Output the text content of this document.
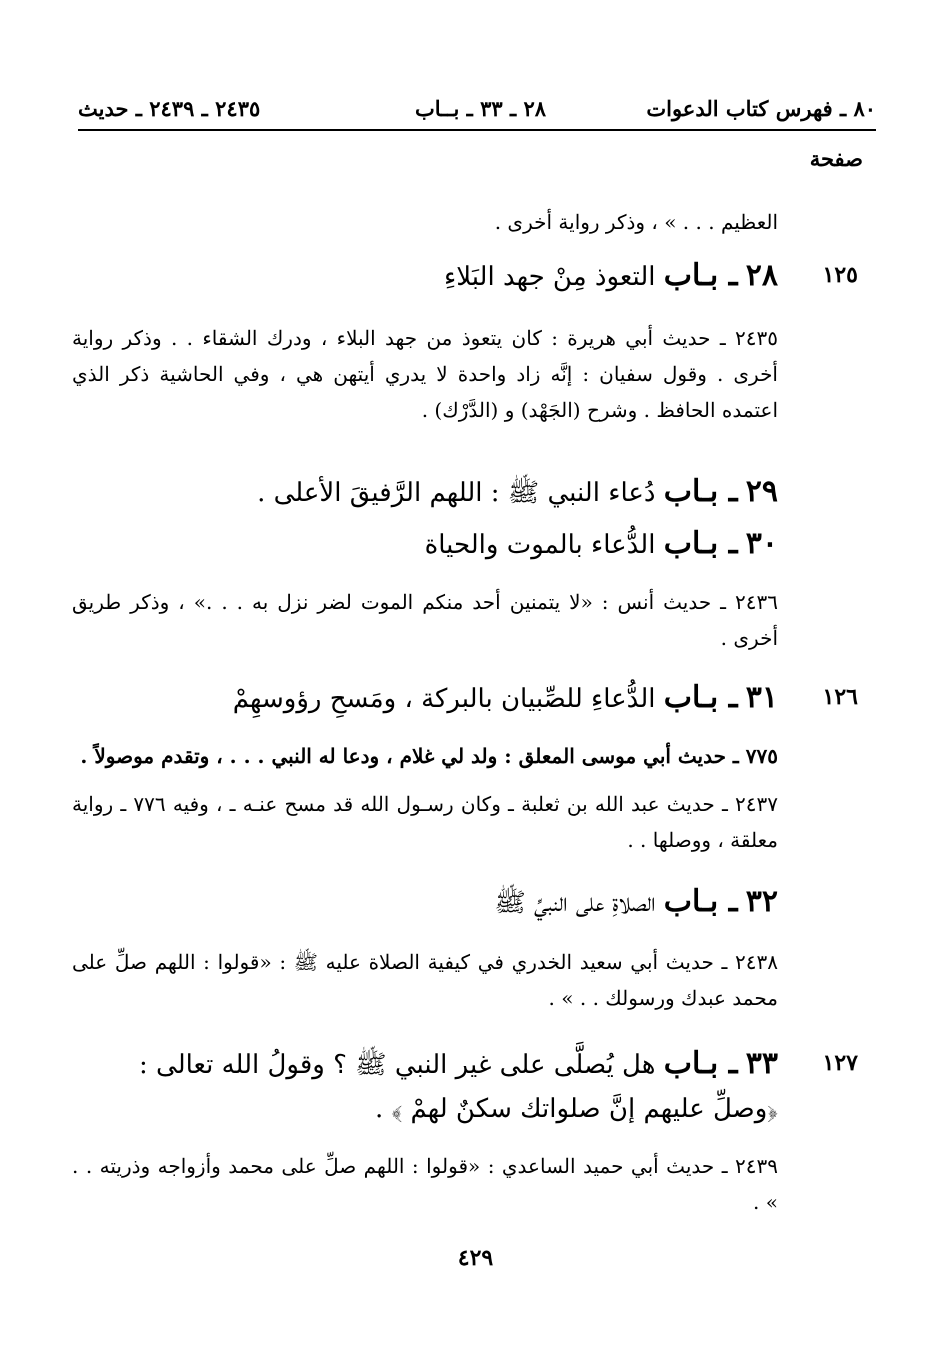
٨٠ ـ فهرس كتاب الدعوات
٢٨ ـ ٣٣ ـ بــاب
٢٤٣٥ ـ ٢٤٣٩ ـ حديث
صفحة
العظيم . . . » ، وذكر رواية أخرى .
١٢٥
٢٨ ـ بـاب التعوذ مِنْ جهد البَلاءِ
٢٤٣٥ ـ حديث أبي هريرة : كان يتعوذ من جهد البلاء ، ودرك الشقاء . . وذكر رواية أخرى . وقول سفيان : إنَّه زاد واحدة لا يدري أيتهن هي ، وفي الحاشية ذكر الذي اعتمده الحافظ . وشرح (الجَهْد) و (الدَّرْك) .
٢٩ ـ بـاب دُعاء النبي ﷺ : اللهم الرَّفيقَ الأعلى .
٣٠ ـ بـاب الدُّعاء بالموت والحياة
٢٤٣٦ ـ حديث أنس : «لا يتمنين أحد منكم الموت لضر نزل به . . .» ، وذكر طريق أخرى .
١٢٦
٣١ ـ بـاب الدُّعاءِ للصِّبيان بالبركة ، ومَسحِ رؤوسهِمْ
٧٧٥ ـ حديث أبي موسى المعلق : ولد لي غلام ، ودعا له النبي . . . ، وتقدم موصولاً .
٢٤٣٧ ـ حديث عبد الله بن ثعلبة ـ وكان رسـول الله قد مسح عنـه ـ ، وفيه ٧٧٦ ـ رواية معلقة ، ووصلها . .
٣٢ ـ بـاب الصلاةِ على النبيِّ ﷺ
٢٤٣٨ ـ حديث أبي سعيد الخدري في كيفية الصلاة عليه ﷺ : «قولوا : اللهم صلِّ على محمد عبدك ورسولك . . » .
١٢٧
٣٣ ـ بـاب هل يُصلَّى على غير النبي ﷺ ؟ وقولُ الله تعالى : ﴿وصلِّ عليهم إنَّ صلواتك سكنٌ لهمْ ﴾ .
٢٤٣٩ ـ حديث أبي حميد الساعدي : «قولوا : اللهم صلِّ على محمد وأزواجه وذريته . . » .
٤٢٩
